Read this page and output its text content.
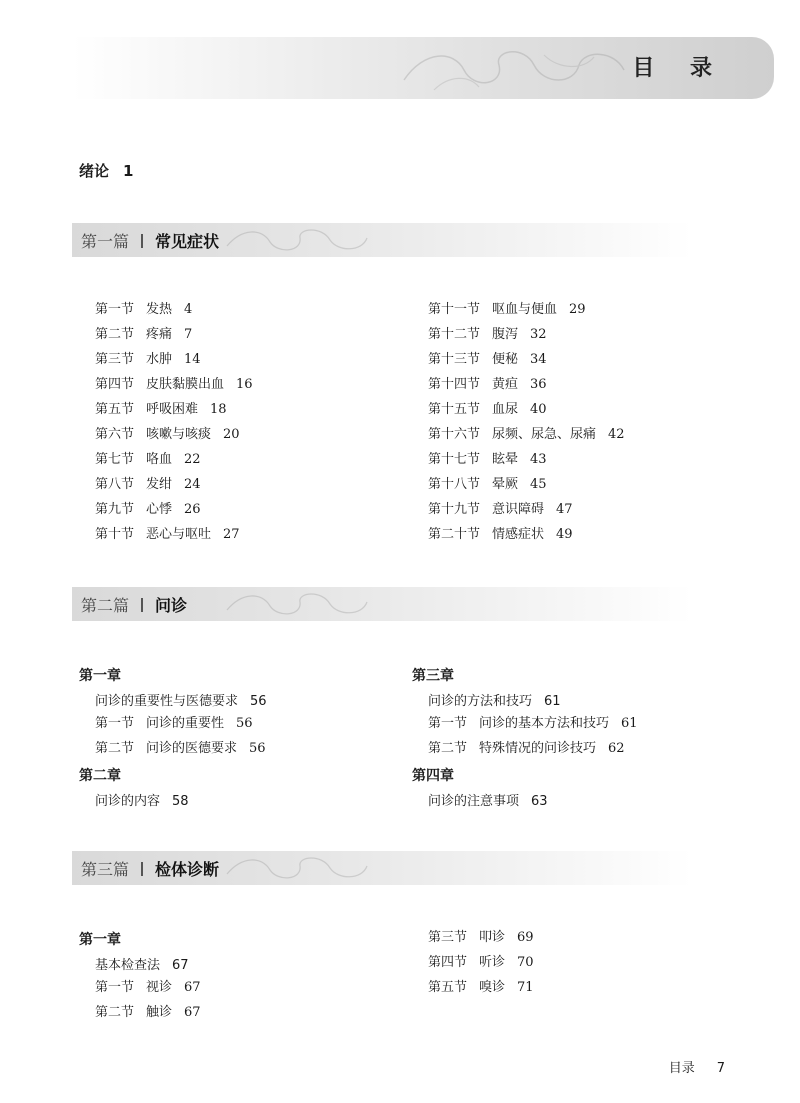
目 录
绪论 1
第一篇 常见症状
第一节 发热 4
第二节 疼痛 7
第三节 水肿 14
第四节 皮肤黏膜出血 16
第五节 呼吸困难 18
第六节 咳嗽与咳痰 20
第七节 咯血 22
第八节 发绀 24
第九节 心悸 26
第十节 恶心与呕吐 27
第十一节 呕血与便血 29
第十二节 腹泻 32
第十三节 便秘 34
第十四节 黄疸 36
第十五节 血尿 40
第十六节 尿频、尿急、尿痛 42
第十七节 眩晕 43
第十八节 晕厥 45
第十九节 意识障碍 47
第二十节 情感症状 49
第二篇 问诊
第一章
问诊的重要性与医德要求 56
第一节 问诊的重要性 56
第二节 问诊的医德要求 56
第二章
问诊的内容 58
第三章
问诊的方法和技巧 61
第一节 问诊的基本方法和技巧 61
第二节 特殊情况的问诊技巧 62
第四章
问诊的注意事项 63
第三篇 检体诊断
第一章
基本检查法 67
第一节 视诊 67
第二节 触诊 67
第三节 叩诊 69
第四节 听诊 70
第五节 嗅诊 71
目录 7
